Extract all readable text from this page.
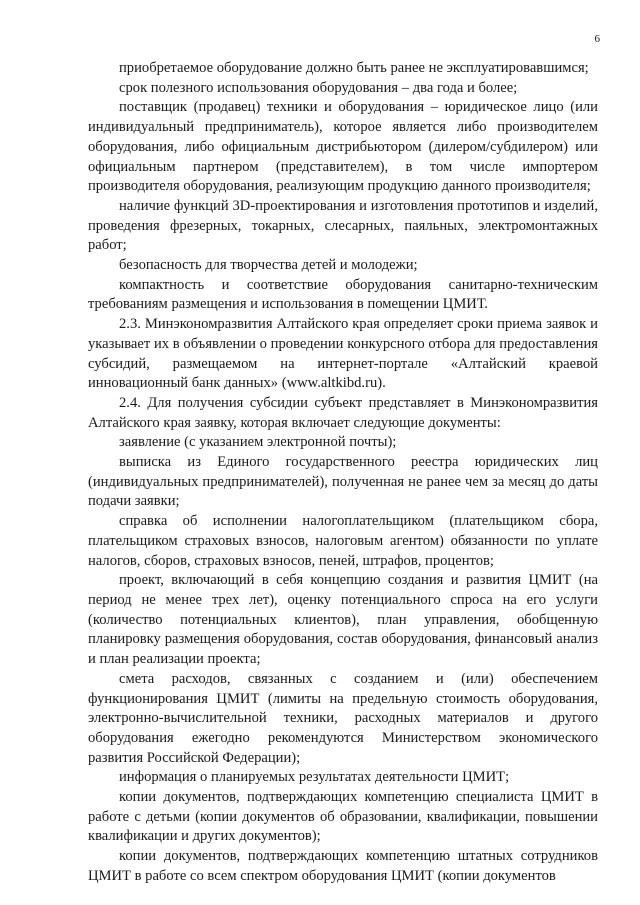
6

приобретаемое оборудование должно быть ранее не эксплуатировавшимся;

срок полезного использования оборудования – два года и более;

поставщик (продавец) техники и оборудования – юридическое лицо (или индивидуальный предприниматель), которое является либо производителем оборудования, либо официальным дистрибьютором (дилером/субдилером) или официальным партнером (представителем), в том числе импортером производителя оборудования, реализующим продукцию данного производителя;

наличие функций 3D-проектирования и изготовления прототипов и изделий, проведения фрезерных, токарных, слесарных, паяльных, электромонтажных работ;

безопасность для творчества детей и молодежи;

компактность и соответствие оборудования санитарно-техническим требованиям размещения и использования в помещении ЦМИТ.

2.3. Минэкономразвития Алтайского края определяет сроки приема заявок и указывает их в объявлении о проведении конкурсного отбора для предоставления субсидий, размещаемом на интернет-портале «Алтайский краевой инновационный банк данных» (www.altkibd.ru).

2.4. Для получения субсидии субъект представляет в Минэкономразвития Алтайского края заявку, которая включает следующие документы:

заявление (с указанием электронной почты);

выписка из Единого государственного реестра юридических лиц (индивидуальных предпринимателей), полученная не ранее чем за месяц до даты подачи заявки;

справка об исполнении налогоплательщиком (плательщиком сбора, плательщиком страховых взносов, налоговым агентом) обязанности по уплате налогов, сборов, страховых взносов, пеней, штрафов, процентов;

проект, включающий в себя концепцию создания и развития ЦМИТ (на период не менее трех лет), оценку потенциального спроса на его услуги (количество потенциальных клиентов), план управления, обобщенную планировку размещения оборудования, состав оборудования, финансовый анализ и план реализации проекта;

смета расходов, связанных с созданием и (или) обеспечением функционирования ЦМИТ (лимиты на предельную стоимость оборудования, электронно-вычислительной техники, расходных материалов и другого оборудования ежегодно рекомендуются Министерством экономического развития Российской Федерации);

информация о планируемых результатах деятельности ЦМИТ;

копии документов, подтверждающих компетенцию специалиста ЦМИТ в работе с детьми (копии документов об образовании, квалификации, повышении квалификации и других документов);

копии документов, подтверждающих компетенцию штатных сотрудников ЦМИТ в работе со всем спектром оборудования ЦМИТ (копии документов
